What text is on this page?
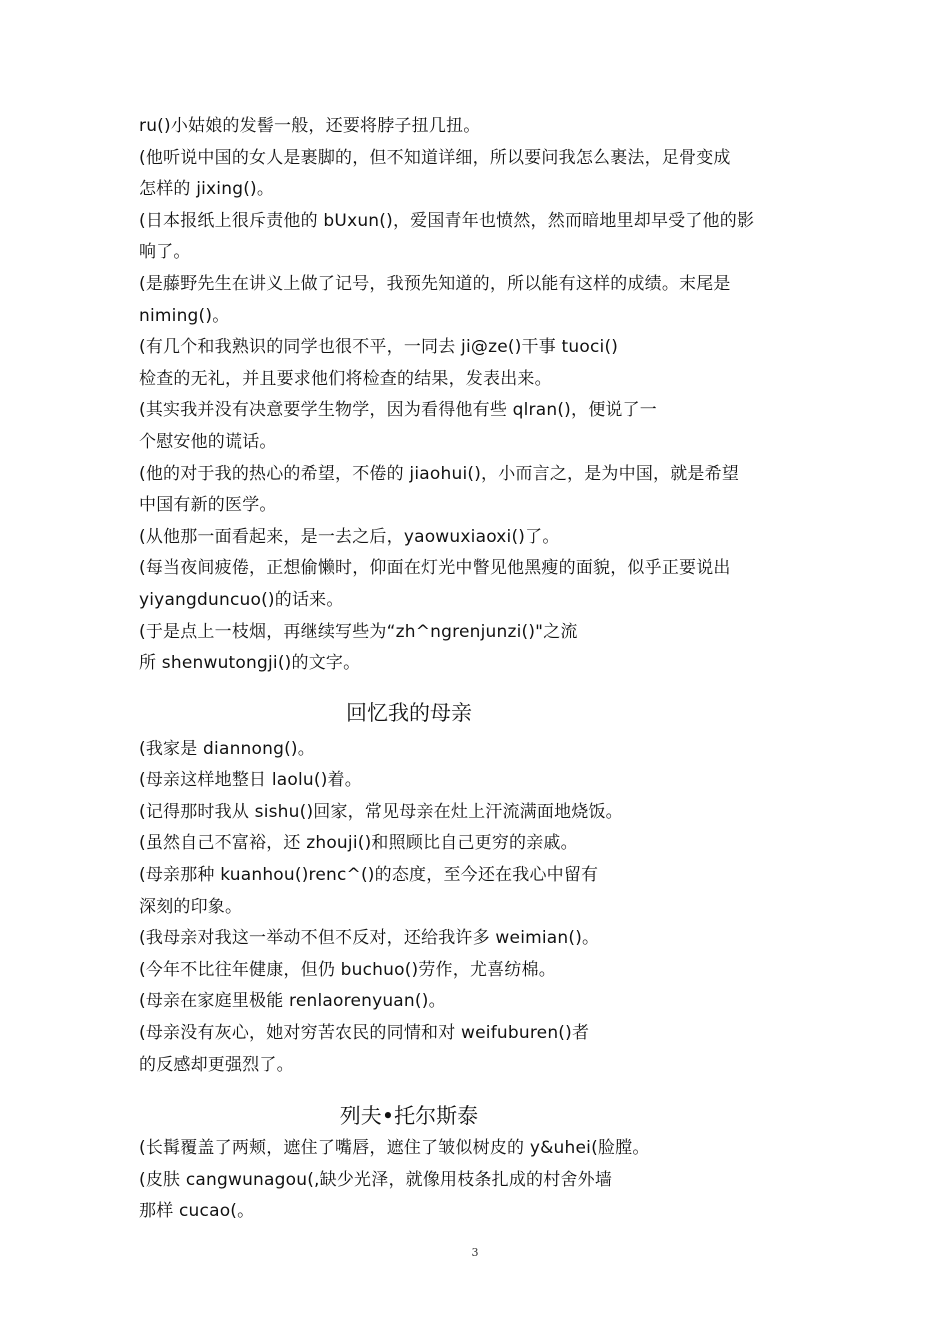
ru()小姑娘的发髻一般，还要将脖子扭几扭。
(他听说中国的女人是裹脚的，但不知道详细，所以要问我怎么裹法，足骨变成
怎样的 jixing()。
(日本报纸上很斥责他的 bUxun()，爱国青年也愤然，然而暗地里却早受了他的影
响了。
(是藤野先生在讲义上做了记号，我预先知道的，所以能有这样的成绩。末尾是
niming()。
(有几个和我熟识的同学也很不平，一同去 ji@ze()干事 tuoci()
检查的无礼，并且要求他们将检查的结果，发表出来。
(其实我并没有决意要学生物学，因为看得他有些 qlran()，便说了一
个慰安他的谎话。
(他的对于我的热心的希望，不倦的 jiaohui()，小而言之，是为中国，就是希望
中国有新的医学。
(从他那一面看起来，是一去之后，yaowuxiaoxi()了。
(每当夜间疲倦，正想偷懒时，仰面在灯光中瞥见他黑瘦的面貌，似乎正要说出
yiyangduncuo()的话来。
(于是点上一枝烟，再继续写些为“zh^ngrenjunzi()"之流
所 shenwutongji()的文字。
回忆我的母亲
(我家是 diannong()。
(母亲这样地整日 laolu()着。
(记得那时我从 sishu()回家，常见母亲在灶上汗流满面地烧饭。
(虽然自己不富裕，还 zhouji()和照顾比自己更穷的亲戚。
(母亲那种 kuanhou()renc^()的态度，至今还在我心中留有
深刻的印象。
(我母亲对我这一举动不但不反对，还给我许多 weimian()。
(今年不比往年健康，但仍 buchuo()劳作，尤喜纺棉。
(母亲在家庭里极能 renlaorenyuan()。
(母亲没有灰心，她对穷苦农民的同情和对 weifuburen()者
的反感却更强烈了。
列夫•托尔斯泰
(长髯覆盖了两颊，遮住了嘴唇，遮住了皱似树皮的 y&uhei(脸膛。
(皮肤 cangwunagou(,缺少光泽，就像用枝条扎成的村舍外墙
那样 cucao(。
3
